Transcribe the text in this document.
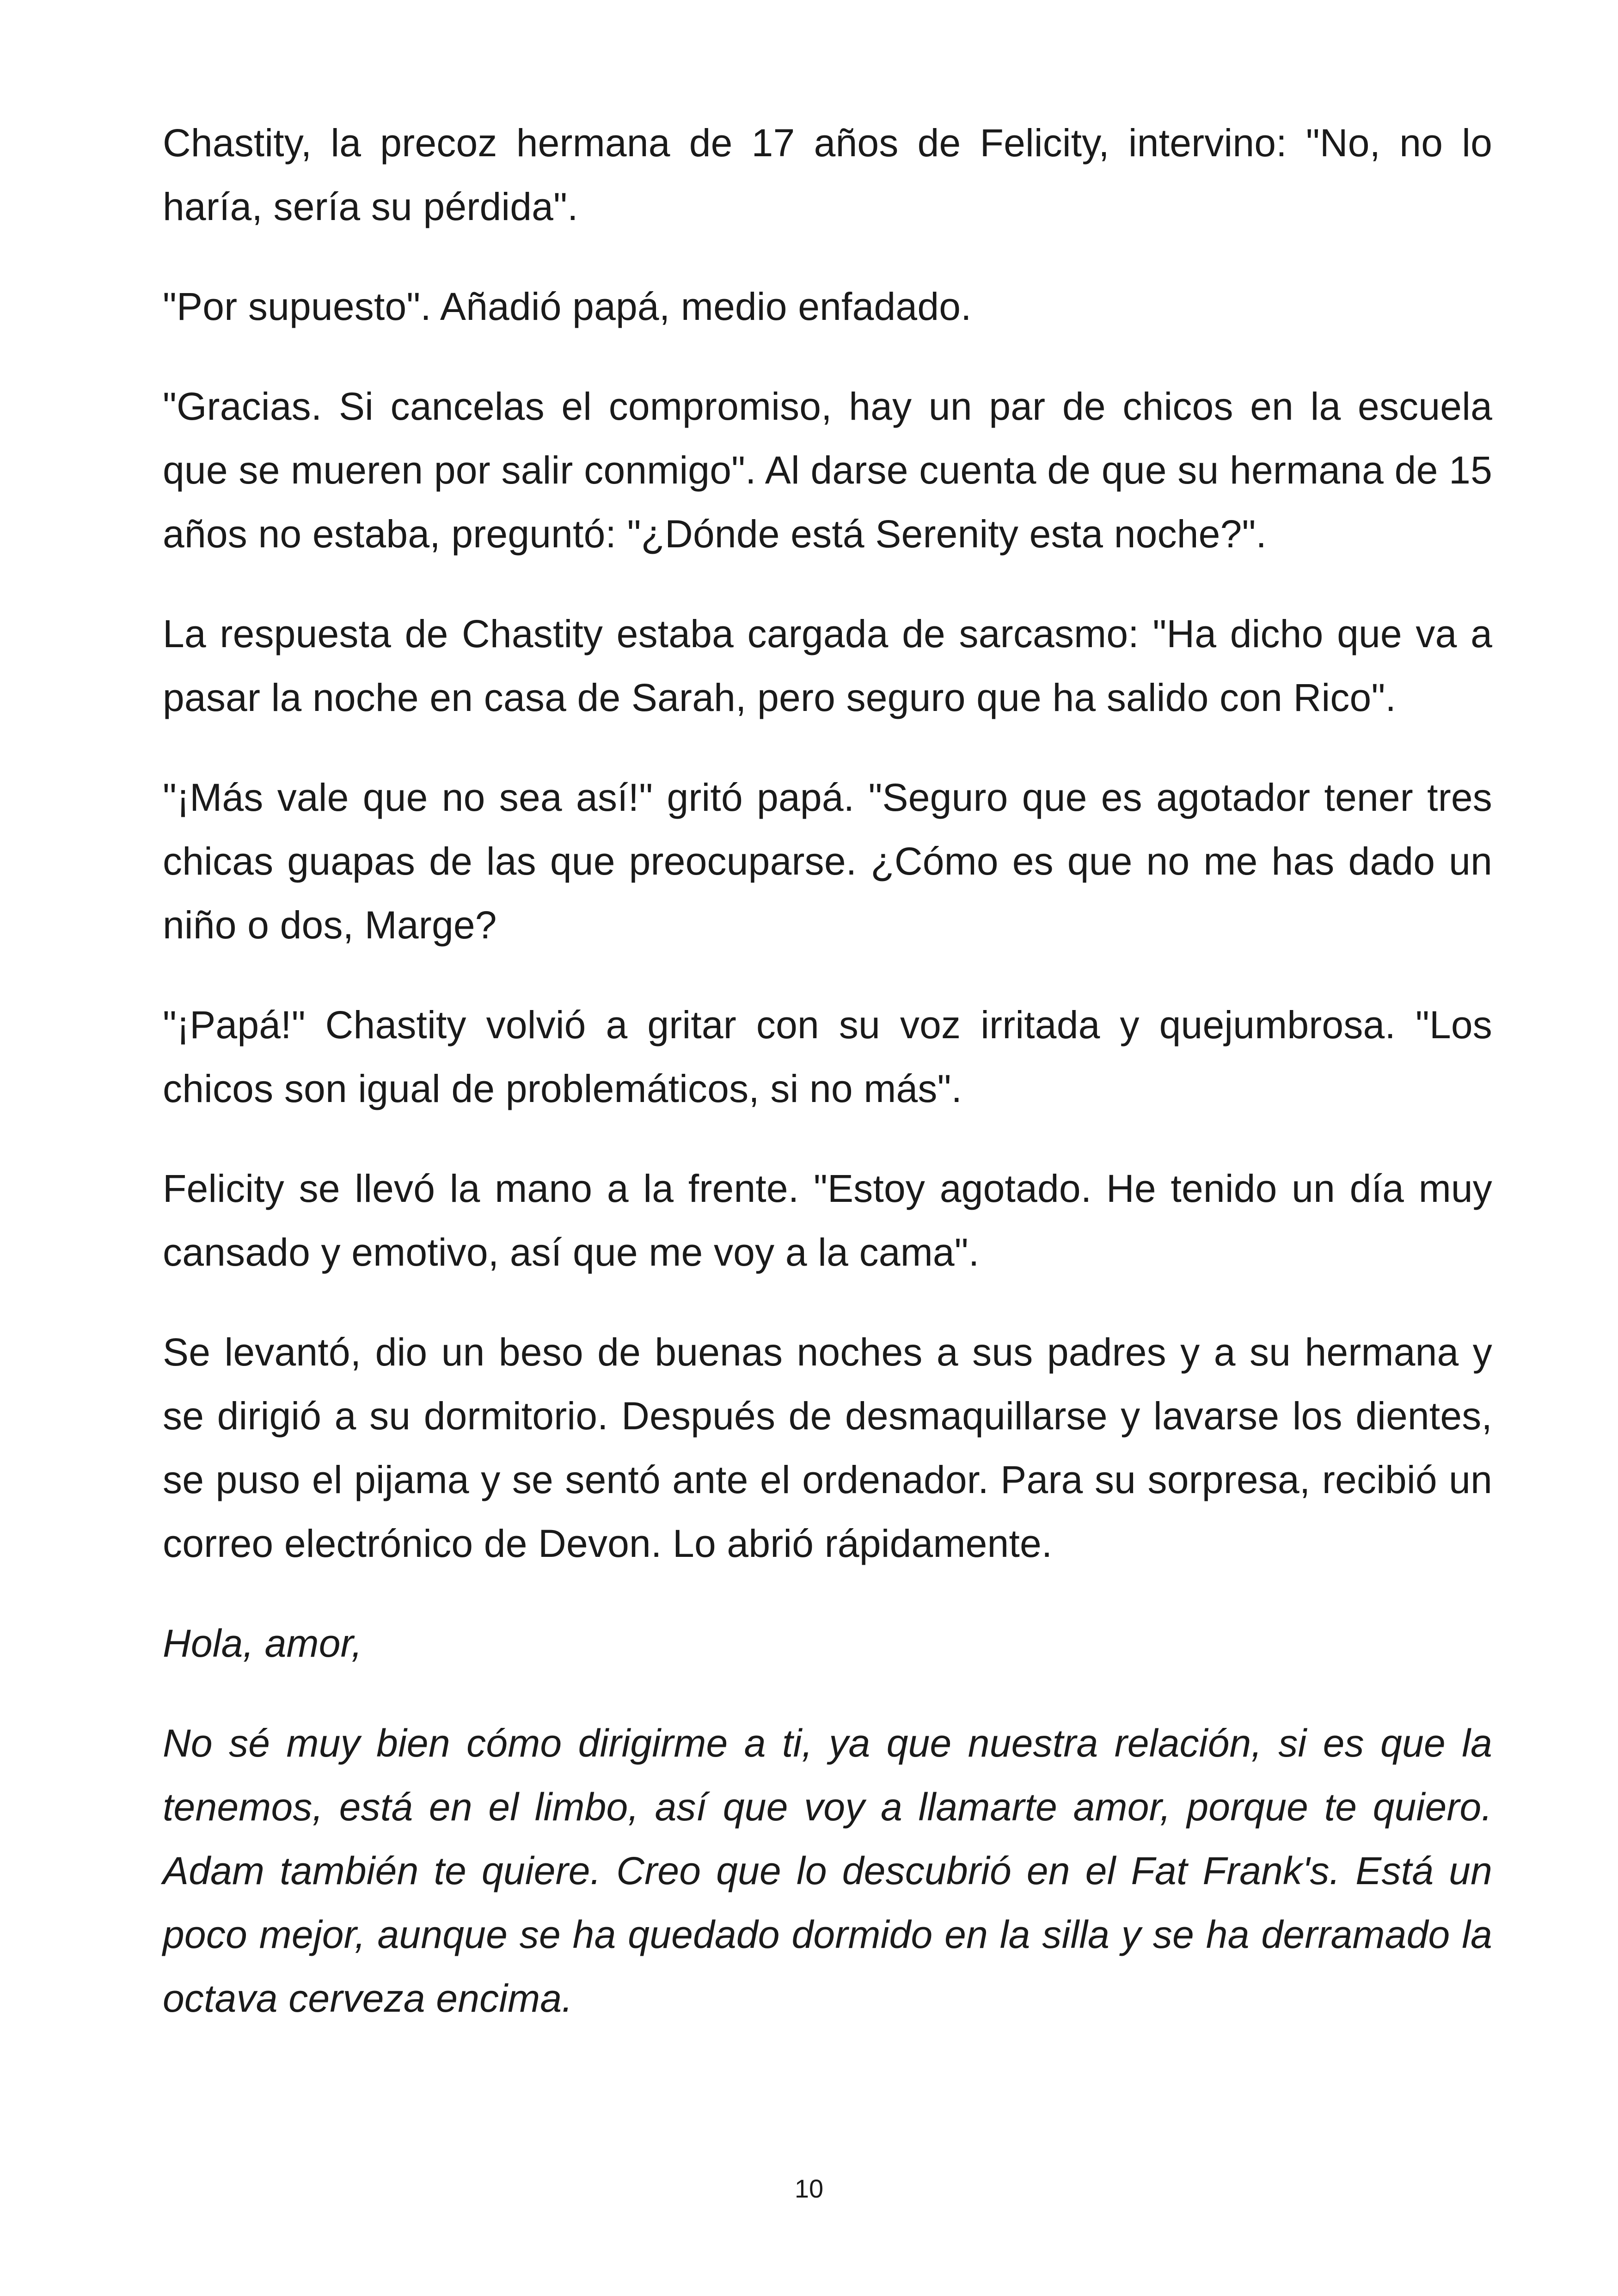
Chastity, la precoz hermana de 17 años de Felicity, intervino: "No, no lo haría, sería su pérdida".

"Por supuesto". Añadió papá, medio enfadado.

"Gracias. Si cancelas el compromiso, hay un par de chicos en la escuela que se mueren por salir conmigo". Al darse cuenta de que su hermana de 15 años no estaba, preguntó: "¿Dónde está Serenity esta noche?".

La respuesta de Chastity estaba cargada de sarcasmo: "Ha dicho que va a pasar la noche en casa de Sarah, pero seguro que ha salido con Rico".

"¡Más vale que no sea así!" gritó papá. "Seguro que es agotador tener tres chicas guapas de las que preocuparse. ¿Cómo es que no me has dado un niño o dos, Marge?

"¡Papá!" Chastity volvió a gritar con su voz irritada y quejumbrosa. "Los chicos son igual de problemáticos, si no más".

Felicity se llevó la mano a la frente. "Estoy agotado. He tenido un día muy cansado y emotivo, así que me voy a la cama".

Se levantó, dio un beso de buenas noches a sus padres y a su hermana y se dirigió a su dormitorio. Después de desmaquillarse y lavarse los dientes, se puso el pijama y se sentó ante el ordenador. Para su sorpresa, recibió un correo electrónico de Devon. Lo abrió rápidamente.

Hola, amor,

No sé muy bien cómo dirigirme a ti, ya que nuestra relación, si es que la tenemos, está en el limbo, así que voy a llamarte amor, porque te quiero. Adam también te quiere. Creo que lo descubrió en el Fat Frank's. Está un poco mejor, aunque se ha quedado dormido en la silla y se ha derramado la octava cerveza encima.

10
